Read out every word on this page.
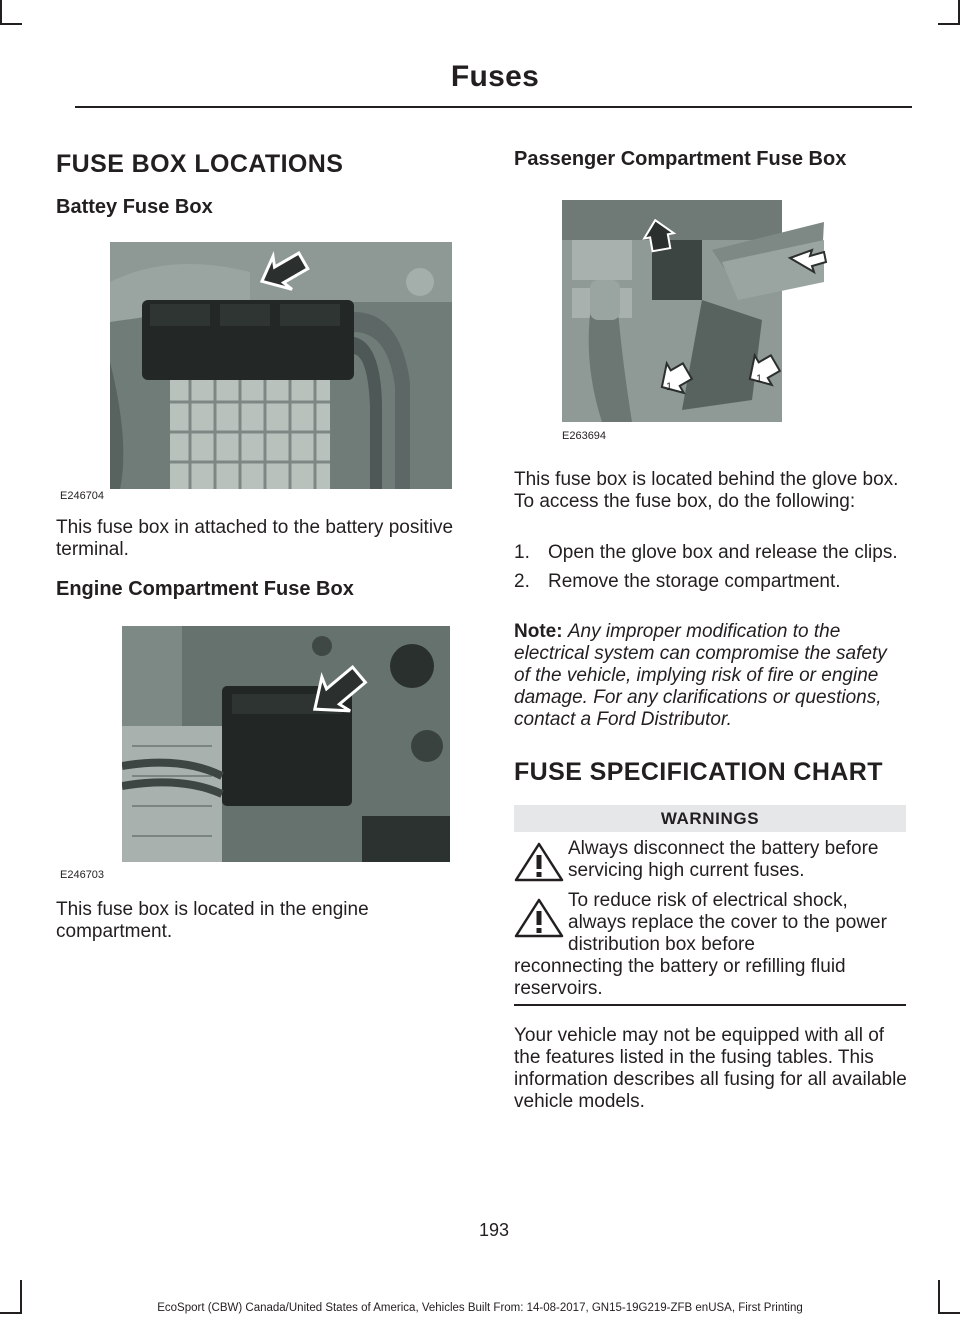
Fuses
FUSE BOX LOCATIONS
Battey Fuse Box
E246704

This fuse box in attached to the battery positive terminal.

Engine Compartment Fuse Box
E246703

This fuse box is located in the engine compartment.

Passenger Compartment Fuse Box
1
1
E263694

This fuse box is located behind the glove box. To access the fuse box, do the following:

1. Open the glove box and release the clips.
2. Remove the storage compartment.

Note: Any improper modification to the electrical system can compromise the safety of the vehicle, implying risk of fire or engine damage. For any clarifications or questions, contact a Ford Distributor.

FUSE SPECIFICATION CHART
WARNINGS
Always disconnect the battery before servicing high current fuses.
To reduce risk of electrical shock, always replace the cover to the power distribution box before
reconnecting the battery or refilling fluid reservoirs.

Your vehicle may not be equipped with all of the features listed in the fusing tables. This information describes all fusing for all available vehicle models.

193
EcoSport (CBW) Canada/United States of America, Vehicles Built From: 14-08-2017, GN15-19G219-ZFB enUSA, First Printing
